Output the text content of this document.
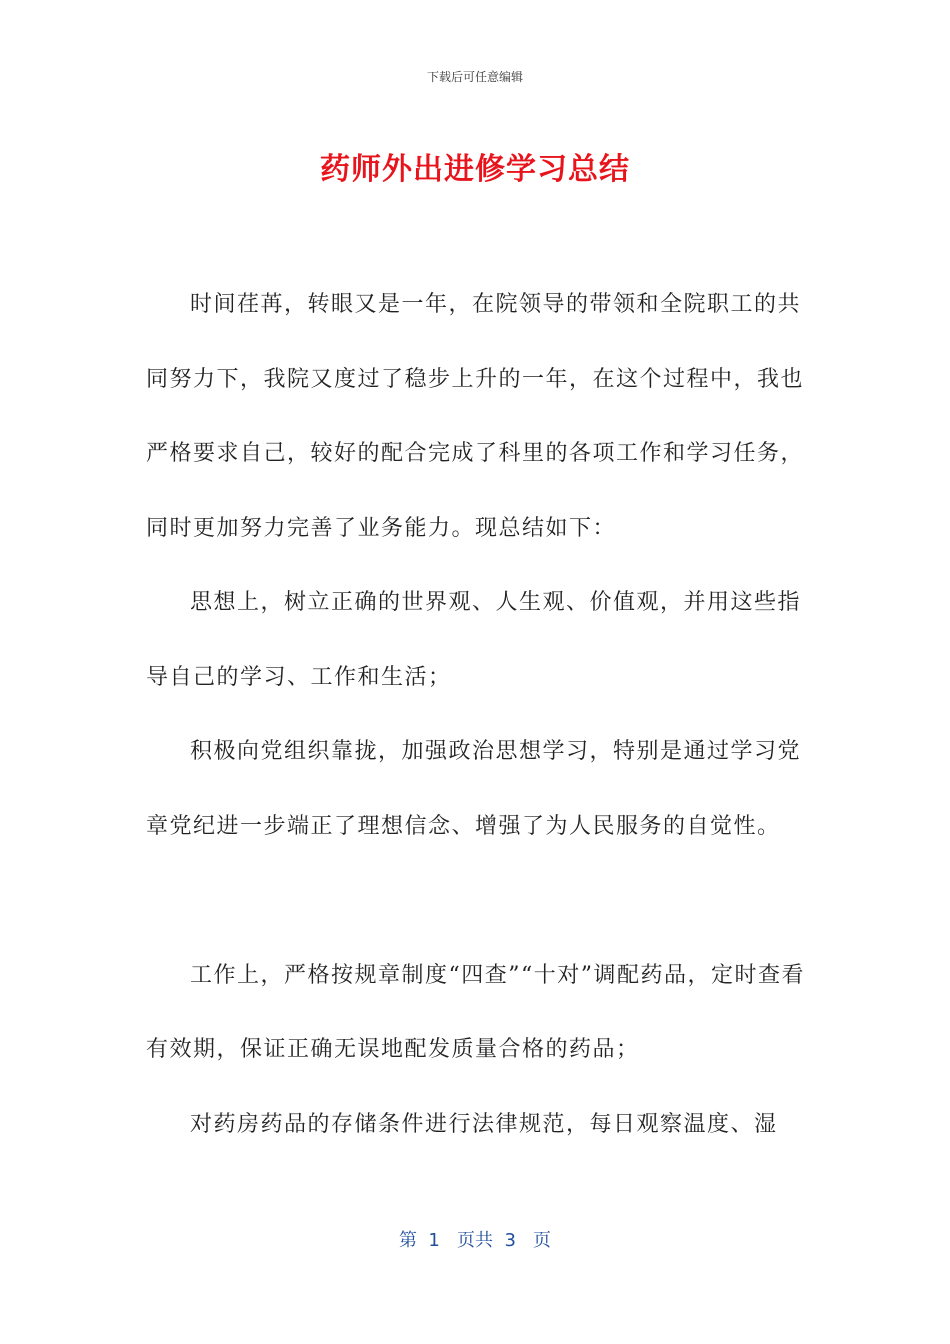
下载后可任意编辑
药师外出进修学习总结

时间荏苒，转眼又是一年，在院领导的带领和全院职工的共同努力下，我院又度过了稳步上升的一年，在这个过程中，我也严格要求自己，较好的配合完成了科里的各项工作和学习任务，同时更加努力完善了业务能力。现总结如下：

思想上，树立正确的世界观、人生观、价值观，并用这些指导自己的学习、工作和生活；

积极向党组织靠拢，加强政治思想学习，特别是通过学习党章党纪进一步端正了理想信念、增强了为人民服务的自觉性。

工作上，严格按规章制度“四查”“十对”调配药品，定时查看有效期，保证正确无误地配发质量合格的药品；

对药房药品的存储条件进行法律规范，每日观察温度、湿

第  1   页共  3   页
